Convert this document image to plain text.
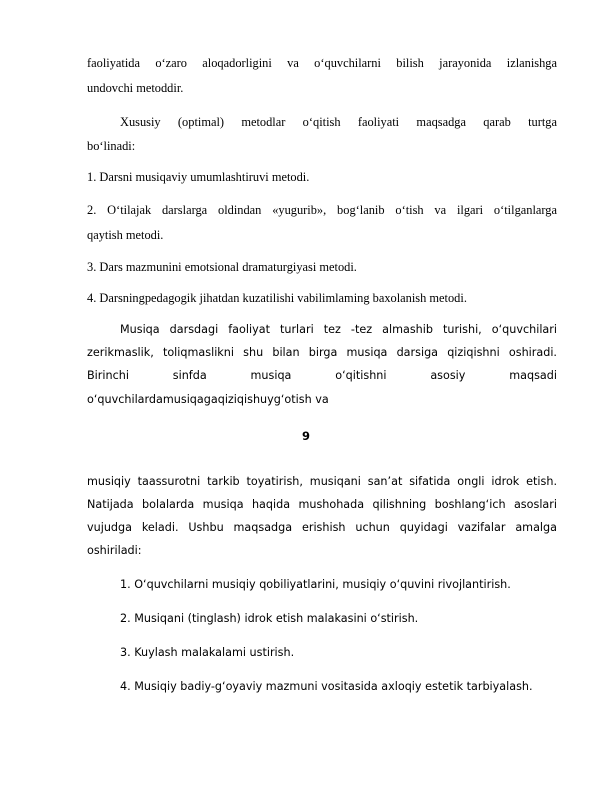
faoliyatida o‘zaro aloqadorligini va o‘quvchilarni bilish jarayonida izlanishga
undovchi metoddir.
Xususiy (optimal) metodlar o‘qitish faoliyati maqsadga qarab turtga
bo‘linadi:
1. Darsni musiqaviy umumlashtiruvi metodi.
2. O‘tilajak darslarga oldindan «yugurib», bog‘lanib o‘tish va ilgari o‘tilganlarga
qaytish metodi.
3. Dars mazmunini emotsional dramaturgiyasi metodi.
4. Darsningpedagogik jihatdan kuzatilishi vabilimlaming baxolanish metodi.
Musiqa darsdagi faoliyat turlari tez -tez almashib turishi, o‘quvchilari
zerikmaslik, toliqmaslikni shu bilan birga musiqa darsiga qiziqishni oshiradi.
Birinchi sinfda musiqa o‘qitishni asosiy maqsadi
o‘quvchilardamusiqagaqiziqishuyg‘otish va
9
musiqiy taassurotni tarkib toyatirish, musiqani san’at sifatida ongli idrok etish.
Natijada bolalarda musiqa haqida mushohada qilishning boshlang‘ich asoslari
vujudga keladi. Ushbu maqsadga erishish uchun quyidagi vazifalar amalga
oshiriladi:
1. O‘quvchilarni musiqiy qobiliyatlarini, musiqiy o‘quvini rivojlantirish.
2. Musiqani (tinglash) idrok etish malakasini o‘stirish.
3. Kuylash malakalami ustirish.
4. Musiqiy badiy-g‘oyaviy mazmuni vositasida axloqiy estetik tarbiyalash.
